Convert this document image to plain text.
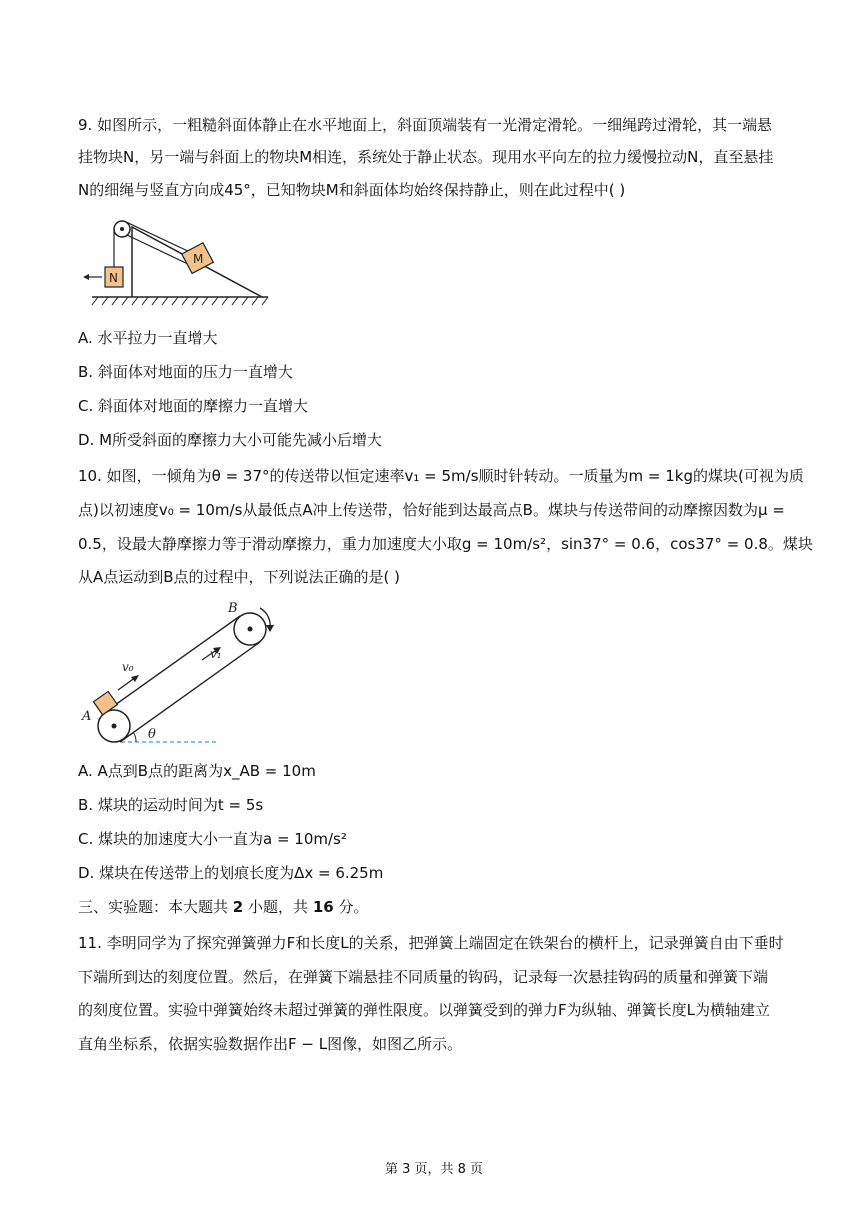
9. 如图所示，一粗糙斜面体静止在水平地面上，斜面顶端装有一光滑定滑轮。一细绳跨过滑轮，其一端悬
挂物块N，另一端与斜面上的物块M相连，系统处于静止状态。现用水平向左的拉力缓慢拉动N，直至悬挂
N的细绳与竖直方向成45°，已知物块M和斜面体均始终保持静止，则在此过程中( )
M
N
A. 水平拉力一直增大
B. 斜面体对地面的压力一直增大
C. 斜面体对地面的摩擦力一直增大
D. M所受斜面的摩擦力大小可能先减小后增大
10. 如图，一倾角为θ = 37°的传送带以恒定速率v₁ = 5m/s顺时针转动。一质量为m = 1kg的煤块(可视为质
点)以初速度v₀ = 10m/s从最低点A冲上传送带，恰好能到达最高点B。煤块与传送带间的动摩擦因数为μ =
0.5，设最大静摩擦力等于滑动摩擦力，重力加速度大小取g = 10m/s²，sin37° = 0.6，cos37° = 0.8。煤块
从A点运动到B点的过程中，下列说法正确的是( )
v₀
v₁
A
B
θ
A. A点到B点的距离为x_AB = 10m
B. 煤块的运动时间为t = 5s
C. 煤块的加速度大小一直为a = 10m/s²
D. 煤块在传送带上的划痕长度为Δx = 6.25m
三、实验题：本大题共 2 小题，共 16 分。
11. 李明同学为了探究弹簧弹力F和长度L的关系，把弹簧上端固定在铁架台的横杆上，记录弹簧自由下垂时
下端所到达的刻度位置。然后，在弹簧下端悬挂不同质量的钩码，记录每一次悬挂钩码的质量和弹簧下端
的刻度位置。实验中弹簧始终未超过弹簧的弹性限度。以弹簧受到的弹力F为纵轴、弹簧长度L为横轴建立
直角坐标系，依据实验数据作出F − L图像，如图乙所示。
第 3 页，共 8 页
